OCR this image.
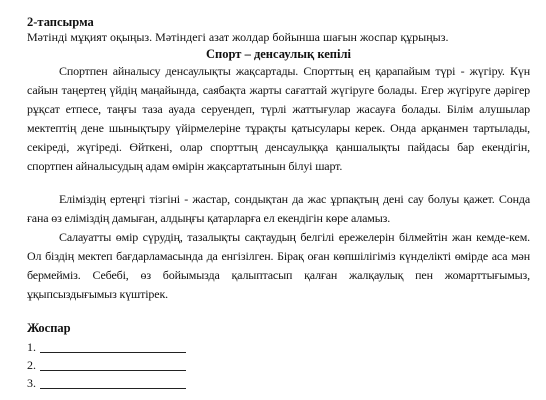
2-тапсырма
Мәтінді мұқият оқыңыз. Мәтіндегі азат жолдар бойынша шағын жоспар құрыңыз.
Спорт – денсаулық кепілі

Спортпен айналысу денсаулықты жақсартады. Спорттың ең қарапайым түрі - жүгіру. Күн сайын таңертең үйдің маңайында, саябақта жарты сағаттай жүгіруге болады. Егер жүгіруге дәрігер рұқсат етпесе, таңғы таза ауада серуендеп, түрлі жаттығулар жасауға болады. Білім алушылар мектептің дене шынықтыру үйірмелеріне тұрақты қатысулары керек. Онда арқанмен тартылады, секіреді, жүгіреді. Өйткені, олар спорттың денсаулыққа қаншалықты пайдасы бар екендігін, спортпен айналысудың адам өмірін жақсартатынын білуі шарт.

Еліміздің ертеңгі тізгіні - жастар, сондықтан да жас ұрпақтың дені сау болуы қажет. Сонда ғана өз еліміздің дамыған, алдыңғы қатарларға ел екендігін көре аламыз.

Салауатты өмір сүрудің, тазалықты сақтаудың белгілі ережелерін білмейтін жан кемде-кем. Ол біздің мектеп бағдарламасында да енгізілген. Бірақ оған көпшілігіміз күнделікті өмірде аса мән бермейміз. Себебі, өз бойымызда қалыптасып қалған жалқаулық пен жомарттығымыз, ұқыпсыздығымыз күштірек.

Жоспар
1.
2.
3.
